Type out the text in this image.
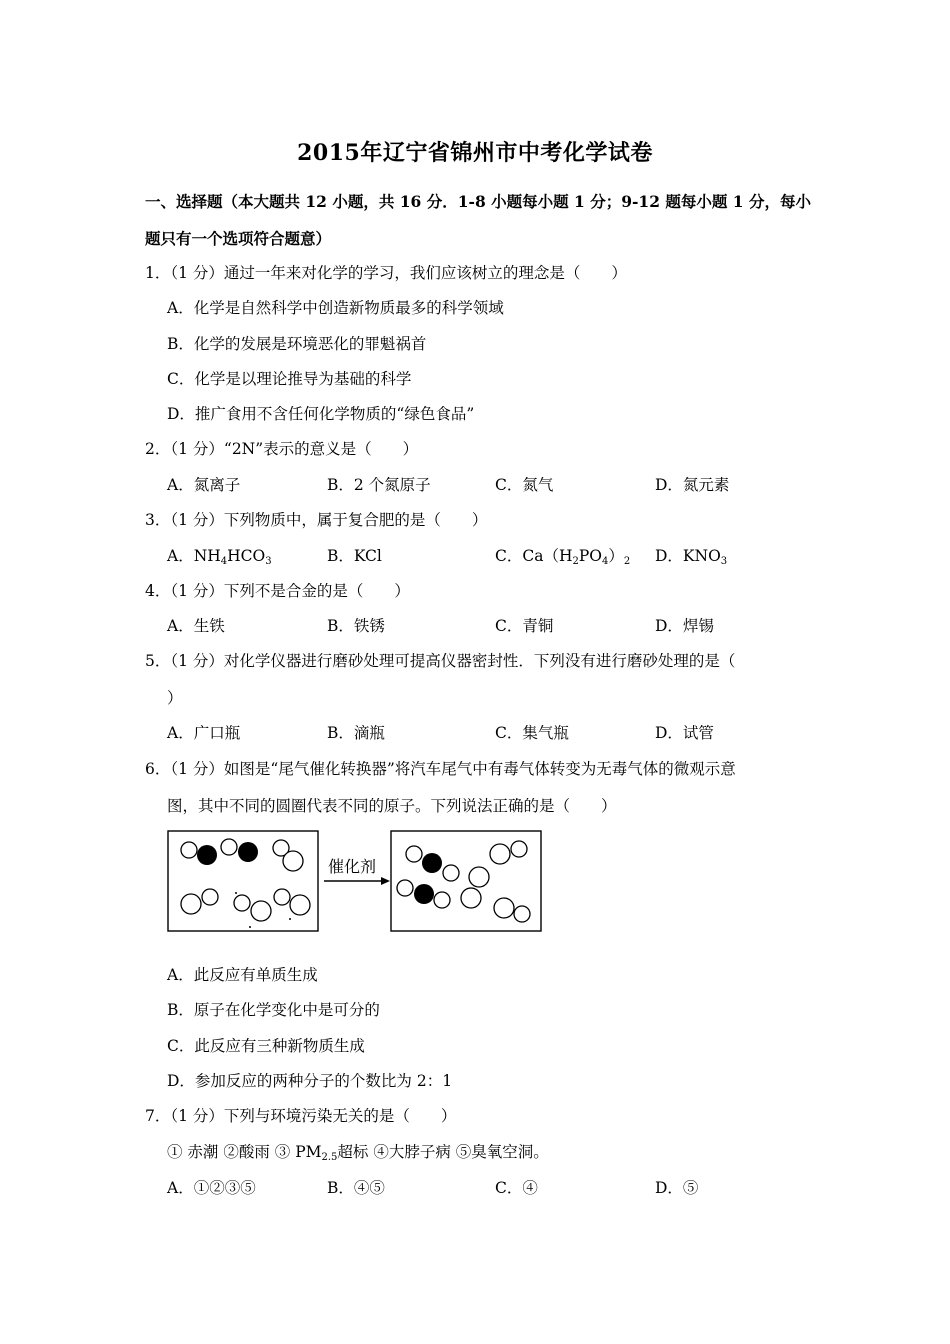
2015年辽宁省锦州市中考化学试卷
一、选择题（本大题共 12 小题，共 16 分．1-8 小题每小题 1 分；9-12 题每小题 1 分，每小
题只有一个选项符合题意）
1．（1 分）通过一年来对化学的学习，我们应该树立的理念是（　　）
A．化学是自然科学中创造新物质最多的科学领域
B．化学的发展是环境恶化的罪魁祸首
C．化学是以理论推导为基础的科学
D．推广食用不含任何化学物质的“绿色食品”
2．（1 分）“2N”表示的意义是（　　）
A．氮离子	B．2 个氮原子	C．氮气	D．氮元素
3．（1 分）下列物质中，属于复合肥的是（　　）
A．$NH_4HCO_3$	B．KCl	C．$Ca(H_2PO_4)_2$ D．$KNO_3$
4．（1 分）下列不是合金的是（　　）
A．生铁	B．铁锈	C．青铜	D．焊锡
5．（1 分）对化学仪器进行磨砂处理可提高仪器密封性．下列没有进行磨砂处理的是（
）
A．广口瓶	B．滴瓶	C．集气瓶	D．试管
6．（1 分）如图是“尾气催化转换器”将汽车尾气中有毒气体转变为无毒气体的微观示意
图，其中不同的圆圈代表不同的原子。下列说法正确的是（　　）
催化剂
A．此反应有单质生成
B．原子在化学变化中是可分的
C．此反应有三种新物质生成
D．参加反应的两种分子的个数比为 2：1
7．（1 分）下列与环境污染无关的是（　　）
① 赤潮 ②酸雨 ③ $PM_{2.5}$超标 ④大脖子病 ⑤臭氧空洞。
A．①②③⑤	B．④⑤	C．④	D．⑤
